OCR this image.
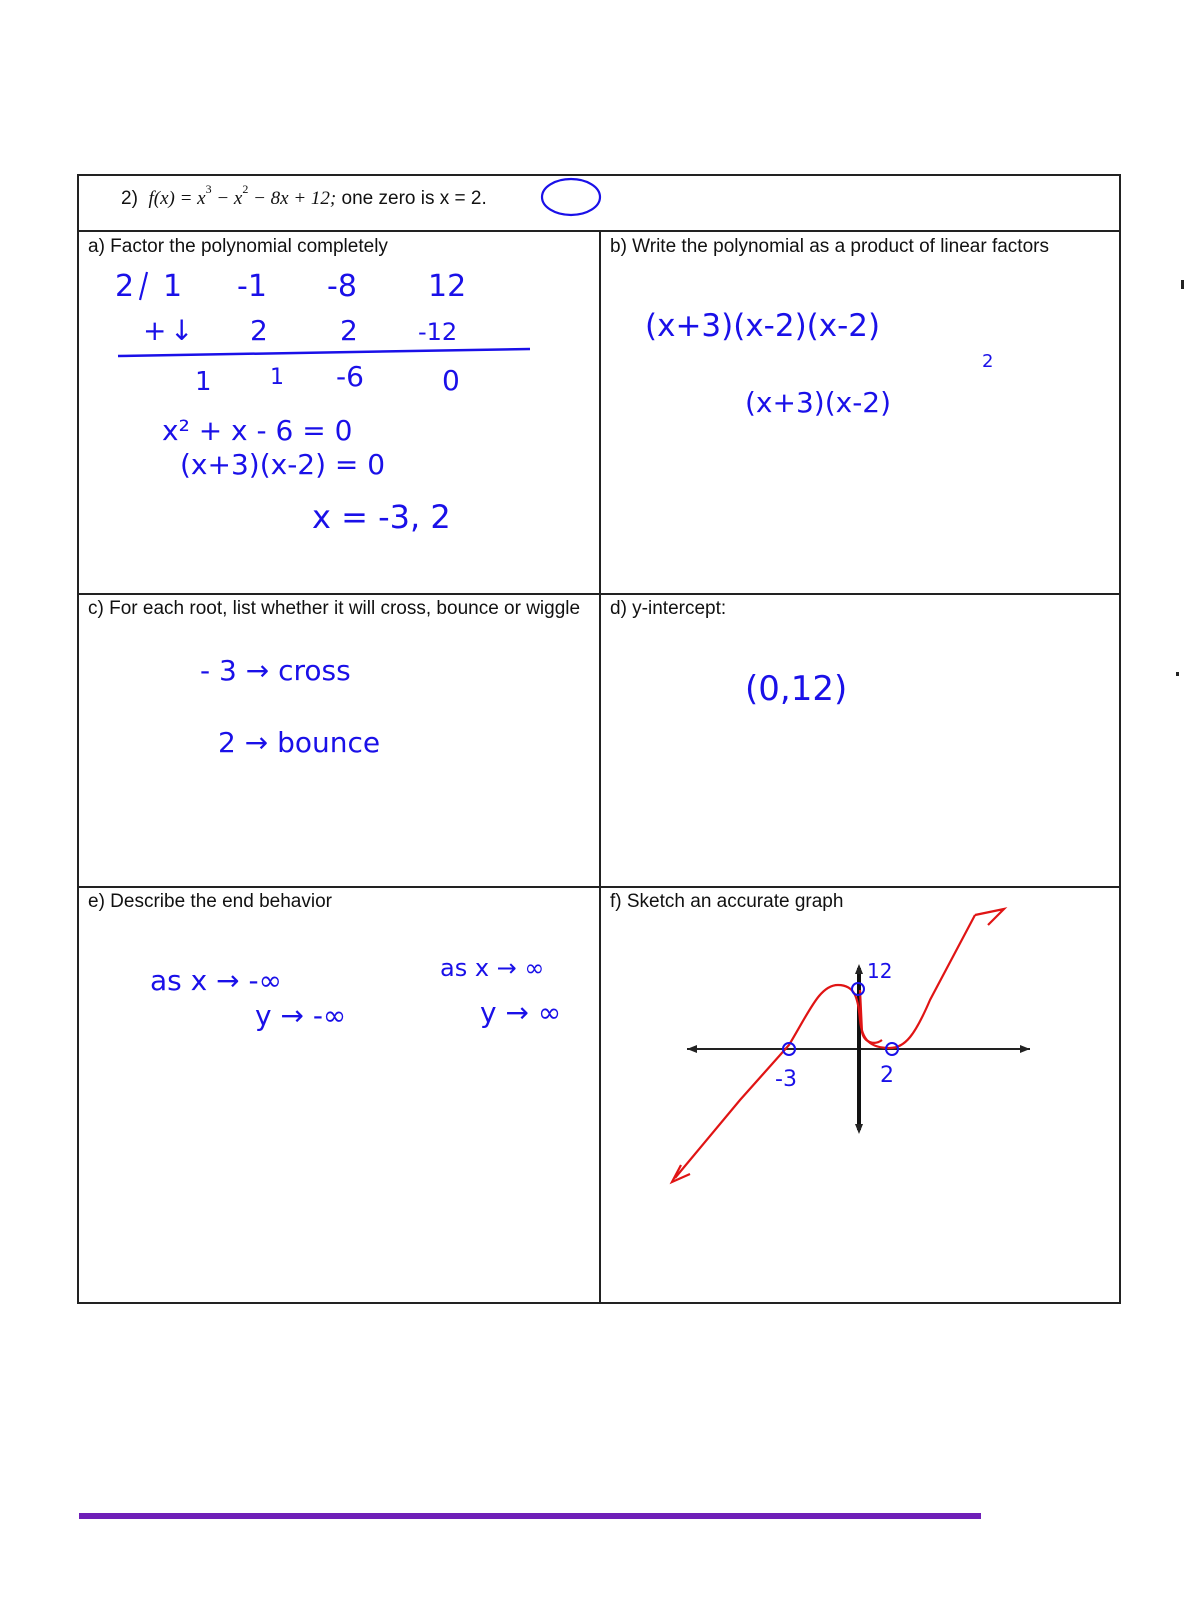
2) $f(x) = x^3 - x^2 - 8x + 12$; one zero is x = 2.
a) Factor the polynomial completely	b) Write the polynomial as a product of linear factors
c) For each root, list whether it will cross, bounce or wiggle	d) y-intercept:
e) Describe the end behavior	f) Sketch an accurate graph
2 1 -1 -8 12
+ ↓ 2	2	-12
1	1 -6	0
x² + x - 6 = 0
(x+3)(x-2) = 0
x = -3, 2
(x+3)(x-2)(x-2)
(x+3)(x-2)
2
- 3 → cross
2 → bounce
(0,12)
as x → -∞
y → -∞
as x → ∞
y → ∞
-3	2
12
